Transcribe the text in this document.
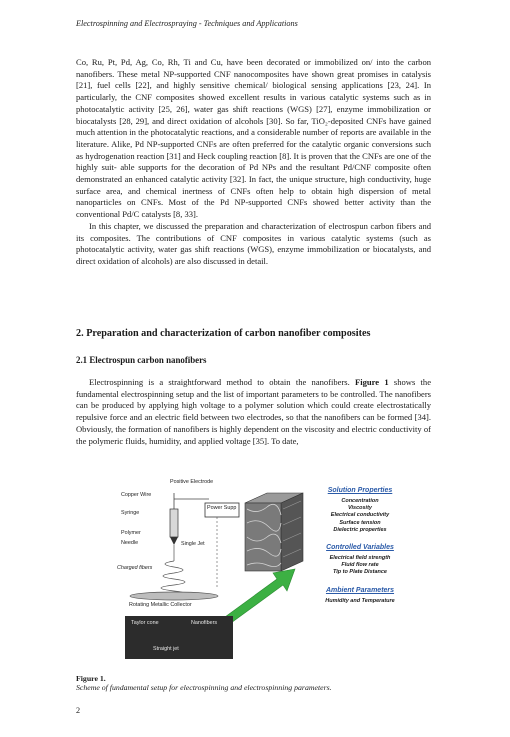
Electrospinning and Electrospraying - Techniques and Applications

Co, Ru, Pt, Pd, Ag, Co, Rh, Ti and Cu, have been decorated or immobilized on/ into the carbon nanofibers. These metal NP-supported CNF nanocomposites have shown great promises in catalysis [21], fuel cells [22], and highly sensitive chemical/ biological sensing applications [23, 24]. In particularly, the CNF composites showed excellent results in various catalytic systems such as in photocatalytic activity [25, 26], water gas shift reactions (WGS) [27], enzyme immobilization or biocatalysts [28, 29], and direct oxidation of alcohols [30]. So far, TiO₂-deposited CNFs have gained much attention in the photocatalytic reactions, and a considerable number of reports are available in the literature. Alike, Pd NP-supported CNFs are often preferred for the catalytic organic conversions such as hydrogenation reaction [31] and Heck coupling reaction [8]. It is proven that the CNFs are one of the highly suit- able supports for the decoration of Pd NPs and the resultant Pd/CNF composite often demonstrated an enhanced catalytic activity [32]. In fact, the unique structure, high conductivity, huge surface area, and chemical inertness of CNFs often help to obtain high dispersion of metal nanoparticles on CNFs. Most of the Pd NP-supported CNFs showed better activity than the conventional Pd/C catalysts [8, 33].

In this chapter, we discussed the preparation and characterization of electrospun carbon fibers and its composites. The contributions of CNF composites in various catalytic systems (such as photocatalytic activity, water gas shift reactions (WGS), enzyme immobilization or biocatalysts, and direct oxidation of alcohols) are also discussed in detail.

2. Preparation and characterization of carbon nanofiber composites
2.1 Electrospun carbon nanofibers

Electrospinning is a straightforward method to obtain the nanofibers. Figure 1 shows the fundamental electrospinning setup and the list of important parameters to be controlled. The nanofibers can be produced by applying high voltage to a polymer solution which could create electrostatically repulsive force and an electric field between two electrodes, so that the nanofibers can be formed [34]. Obviously, the formation of nanofibers is highly dependent on the viscosity and electric conductivity of the polymeric fluids, humidity, and applied voltage [35]. To date,

Positive Electrode
Copper Wire
Power Supp
Syringe
Polymer
Needle	Single Jet
Charged fibers
Rotating Metallic Collector
Taylor cone	Nanofibers
Straight jet
Solution Properties
Concentration
Viscosity
Electrical conductivity
Surface tension
Dielectric properties
Controlled Variables
Electrical field strength
Fluid flow rate
Tip to Plate Distance
Ambient Parameters
Humidity and Temperature
Figure 1.
Scheme of fundamental setup for electrospinning and electrospinning parameters.
2
